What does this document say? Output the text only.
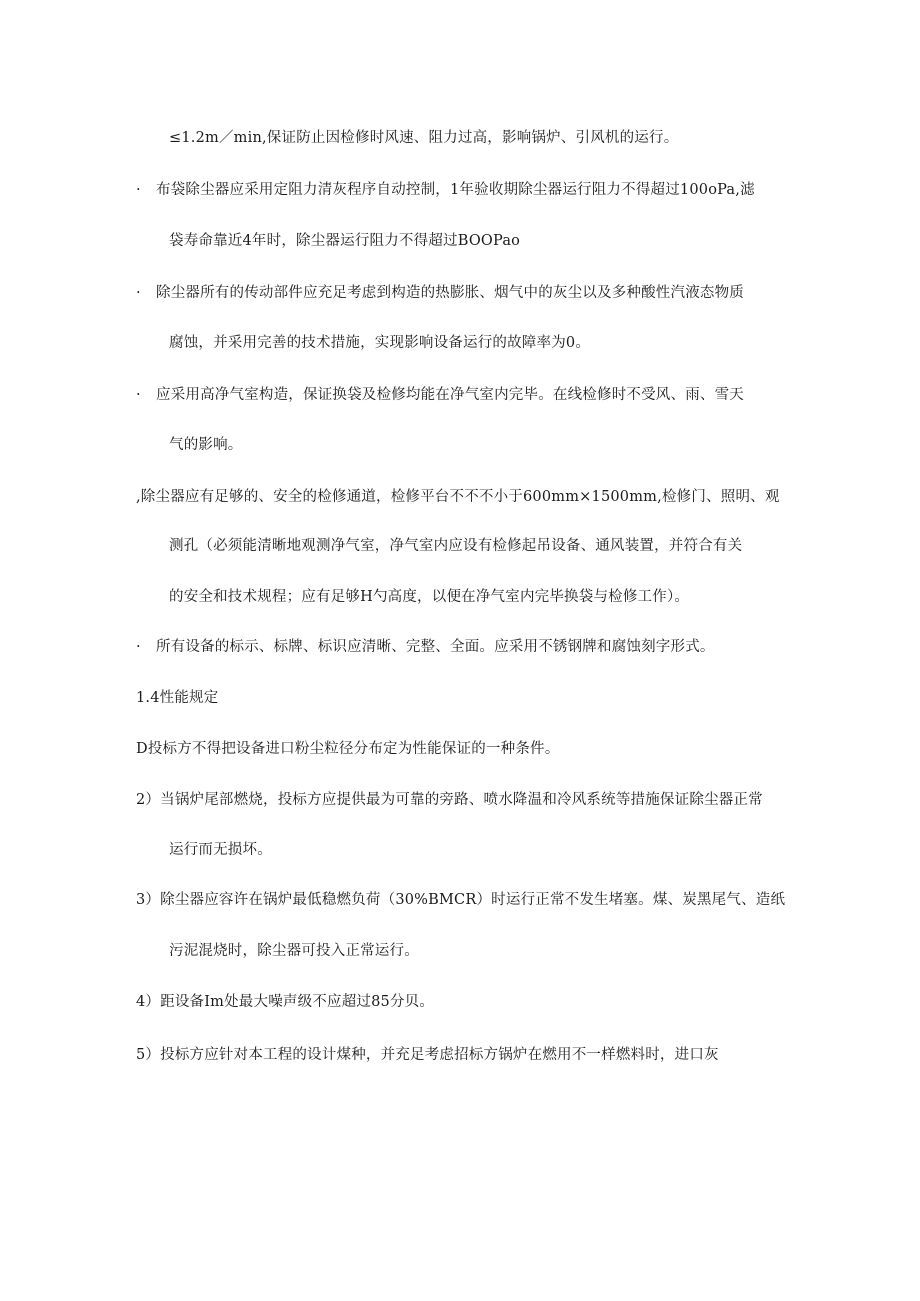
≤1.2m／min,保证防止因检修时风速、阻力过高，影响锅炉、引风机的运行。
· 布袋除尘器应采用定阻力清灰程序自动控制，1年验收期除尘器运行阻力不得超过100oPa,滤
袋寿命靠近4年时，除尘器运行阻力不得超过BOOPao
· 除尘器所有的传动部件应充足考虑到构造的热膨胀、烟气中的灰尘以及多种酸性汽液态物质
腐蚀，并采用完善的技术措施，实现影响设备运行的故障率为0。
· 应采用高净气室构造，保证换袋及检修均能在净气室内完毕。在线检修时不受风、雨、雪天
气的影响。
,除尘器应有足够的、安全的检修通道，检修平台不不不小于600mm×1500mm,检修门、照明、观
测孔（必须能清晰地观测净气室，净气室内应设有检修起吊设备、通风装置，并符合有关
的安全和技术规程；应有足够H勺高度，以便在净气室内完毕换袋与检修工作）。
· 所有设备的标示、标牌、标识应清晰、完整、全面。应采用不锈钢牌和腐蚀刻字形式。
1.4性能规定
D投标方不得把设备进口粉尘粒径分布定为性能保证的一种条件。
2）当锅炉尾部燃烧，投标方应提供最为可靠的旁路、喷水降温和冷风系统等措施保证除尘器正常
运行而无损坏。
3）除尘器应容许在锅炉最低稳燃负荷（30%BMCR）时运行正常不发生堵塞。煤、炭黑尾气、造纸
污泥混烧时，除尘器可投入正常运行。
4）距设备Im处最大噪声级不应超过85分贝。
5）投标方应针对本工程的设计煤种，并充足考虑招标方锅炉在燃用不一样燃料时，进口灰
